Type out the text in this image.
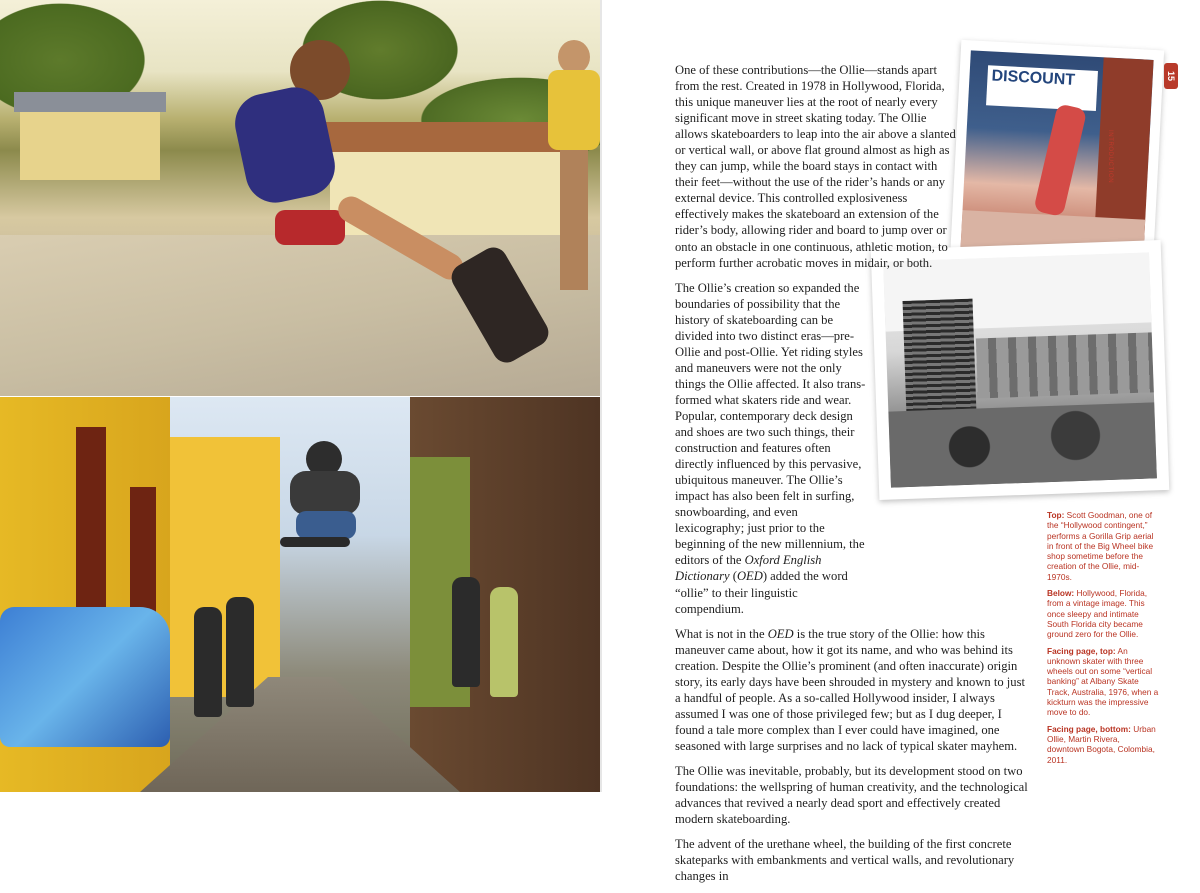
DISCOUNT

One of these contributions—the Ollie—stands apart from the rest. Created in 1978 in Hollywood, Florida, this unique maneuver lies at the root of nearly every significant move in street skating today. The Ollie allows skateboarders to leap into the air above a slanted or vertical wall, or above flat ground almost as high as they can jump, while the board stays in contact with their feet—without the use of the rider’s hands or any external device. This controlled explosiveness effectively makes the skateboard an extension of the rider’s body, allowing rider and board to jump over or onto an obstacle in one continuous, athletic motion, to perform further acrobatic moves in midair, or both.

The Ollie’s creation so expanded the boundaries of possibility that the history of skateboarding can be divided into two distinct eras—pre-Ollie and post-Ollie. Yet riding styles and maneuvers were not the only things the Ollie affected. It also transformed what skaters ride and wear. Popular, contemporary deck design and shoes are two such things, their construction and features often directly influenced by this pervasive, ubiquitous maneuver. The Ollie’s impact has also been felt in surfing, snowboarding, and even lexicography; just prior to the beginning of the new millennium, the editors of the Oxford English Dictionary (OED) added the word “ollie” to their linguistic compendium.

What is not in the OED is the true story of the Ollie: how this maneuver came about, how it got its name, and who was behind its creation. Despite the Ollie’s prominent (and often inaccurate) origin story, its early days have been shrouded in mystery and known to just a handful of people. As a so-called Hollywood insider, I always assumed I was one of those privileged few; but as I dug deeper, I found a tale more complex than I ever could have imagined, one seasoned with large surprises and no lack of typical skater mayhem.

The Ollie was inevitable, probably, but its development stood on two foundations: the wellspring of human creativity, and the technological advances that revived a nearly dead sport and effectively created modern skateboarding.

The advent of the urethane wheel, the building of the first concrete skateparks with embankments and vertical walls, and revolutionary changes in

15
INTRODUCTION

Top: Scott Goodman, one of the “Hollywood contingent,” performs a Gorilla Grip aerial in front of the Big Wheel bike shop sometime before the creation of the Ollie, mid-1970s.

Below: Hollywood, Florida, from a vintage image. This once sleepy and intimate South Florida city became ground zero for the Ollie.

Facing page, top: An unknown skater with three wheels out on some “vertical banking” at Albany Skate Track, Australia, 1976, when a kickturn was the impressive move to do.

Facing page, bottom: Urban Ollie, Martin Rivera, downtown Bogota, Colombia, 2011.
